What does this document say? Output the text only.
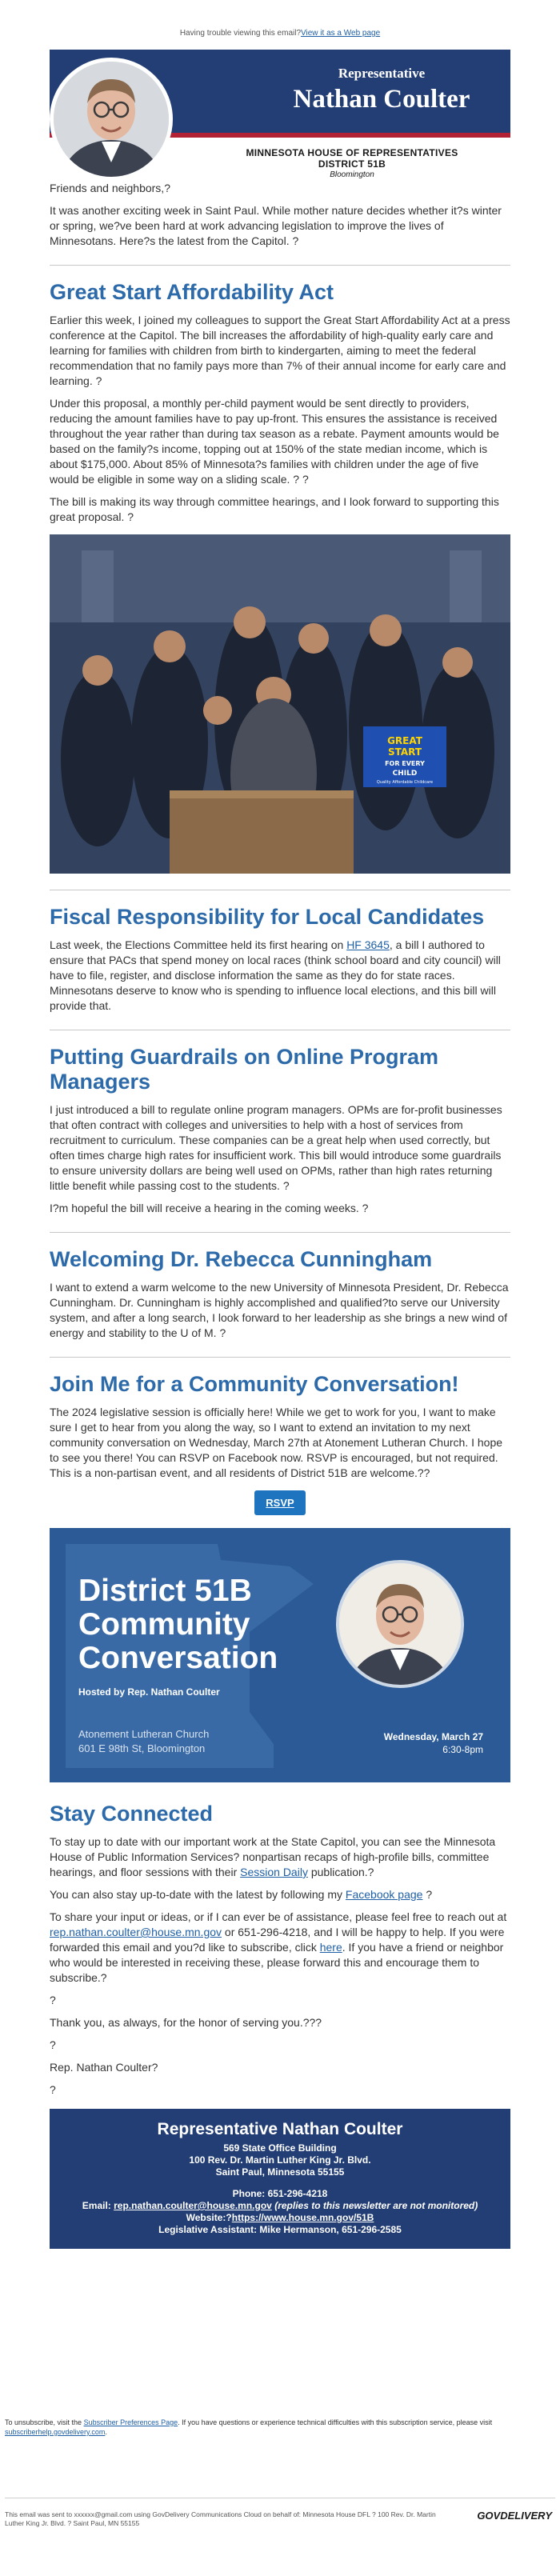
Having trouble viewing this email?View it as a Web page
Representative
Nathan Coulter
MINNESOTA HOUSE OF REPRESENTATIVES
DISTRICT 51B
Bloomington

Friends and neighbors,?

It was another exciting week in Saint Paul. While mother nature decides whether it?s winter or spring, we?ve been hard at work advancing legislation to improve the lives of Minnesotans. Here?s the latest from the Capitol. ?

Great Start Affordability Act

Earlier this week, I joined my colleagues to support the Great Start Affordability Act at a press conference at the Capitol. The bill increases the affordability of high-quality early care and learning for families with children from birth to kindergarten, aiming to meet the federal recommendation that no family pays more than 7% of their annual income for early care and learning. ?

Under this proposal, a monthly per-child payment would be sent directly to providers, reducing the amount families have to pay up-front. This ensures the assistance is received throughout the year rather than during tax season as a rebate. Payment amounts would be based on the family?s income, topping out at 150% of the state median income, which is about $175,000. About 85% of Minnesota?s families with children under the age of five would be eligible in some way on a sliding scale. ? ?

The bill is making its way through committee hearings, and I look forward to supporting this great proposal. ?

GREAT
START
FOR EVERY
CHILD
Quality Affordable Childcare
Fiscal Responsibility for Local Candidates

Last week, the Elections Committee held its first hearing on HF 3645, a bill I authored to ensure that PACs that spend money on local races (think school board and city council) will have to file, register, and disclose information the same as they do for state races. Minnesotans deserve to know who is spending to influence local elections, and this bill will provide that.

Putting Guardrails on Online Program Managers

I just introduced a bill to regulate online program managers. OPMs are for-profit businesses that often contract with colleges and universities to help with a host of services from recruitment to curriculum. These companies can be a great help when used correctly, but often times charge high rates for insufficient work. This bill would introduce some guardrails to ensure university dollars are being well used on OPMs, rather than high rates returning little benefit while passing cost to the students. ?

I?m hopeful the bill will receive a hearing in the coming weeks. ?

Welcoming Dr. Rebecca Cunningham

I want to extend a warm welcome to the new University of Minnesota President, Dr. Rebecca Cunningham. Dr. Cunningham is highly accomplished and qualified?to serve our University system, and after a long search, I look forward to her leadership as she brings a new wind of energy and stability to the U of M. ?

Join Me for a Community Conversation!

The 2024 legislative session is officially here! While we get to work for you, I want to make sure I get to hear from you along the way, so I want to extend an invitation to my next community conversation on Wednesday, March 27th at Atonement Lutheran Church. I hope to see you there! You can RSVP on Facebook now. RSVP is encouraged, but not required. This is a non-partisan event, and all residents of District 51B are welcome.??

RSVP
District 51B
Community
Conversation
Hosted by Rep. Nathan Coulter
Atonement Lutheran Church
601 E 98th St, Bloomington
Wednesday, March 27
6:30-8pm
Stay Connected

To stay up to date with our important work at the State Capitol, you can see the Minnesota House of Public Information Services? nonpartisan recaps of high-profile bills, committee hearings, and floor sessions with their Session Daily publication.?

You can also stay up-to-date with the latest by following my Facebook page ?

To share your input or ideas, or if I can ever be of assistance, please feel free to reach out at rep.nathan.coulter@house.mn.gov or 651-296-4218, and I will be happy to help. If you were forwarded this email and you?d like to subscribe, click here. If you have a friend or neighbor who would be interested in receiving these, please forward this and encourage them to subscribe.?

?

Thank you, as always, for the honor of serving you.???

?

Rep. Nathan Coulter?

?

Representative Nathan Coulter
569 State Office Building
100 Rev. Dr. Martin Luther King Jr. Blvd.
Saint Paul, Minnesota 55155
Phone: 651-296-4218
Email: rep.nathan.coulter@house.mn.gov (replies to this newsletter are not monitored)
Website:?https://www.house.mn.gov/51B
Legislative Assistant: Mike Hermanson, 651-296-2585
To unsubscribe, visit the Subscriber Preferences Page. If you have questions or experience technical difficulties with this subscription service, please visit subscriberhelp.govdelivery.com.
This email was sent to xxxxxx@gmail.com using GovDelivery Communications Cloud on behalf of: Minnesota House DFL ? 100 Rev. Dr. Martin Luther King Jr. Blvd. ? Saint Paul, MN 55155
GOVDELIVERY
